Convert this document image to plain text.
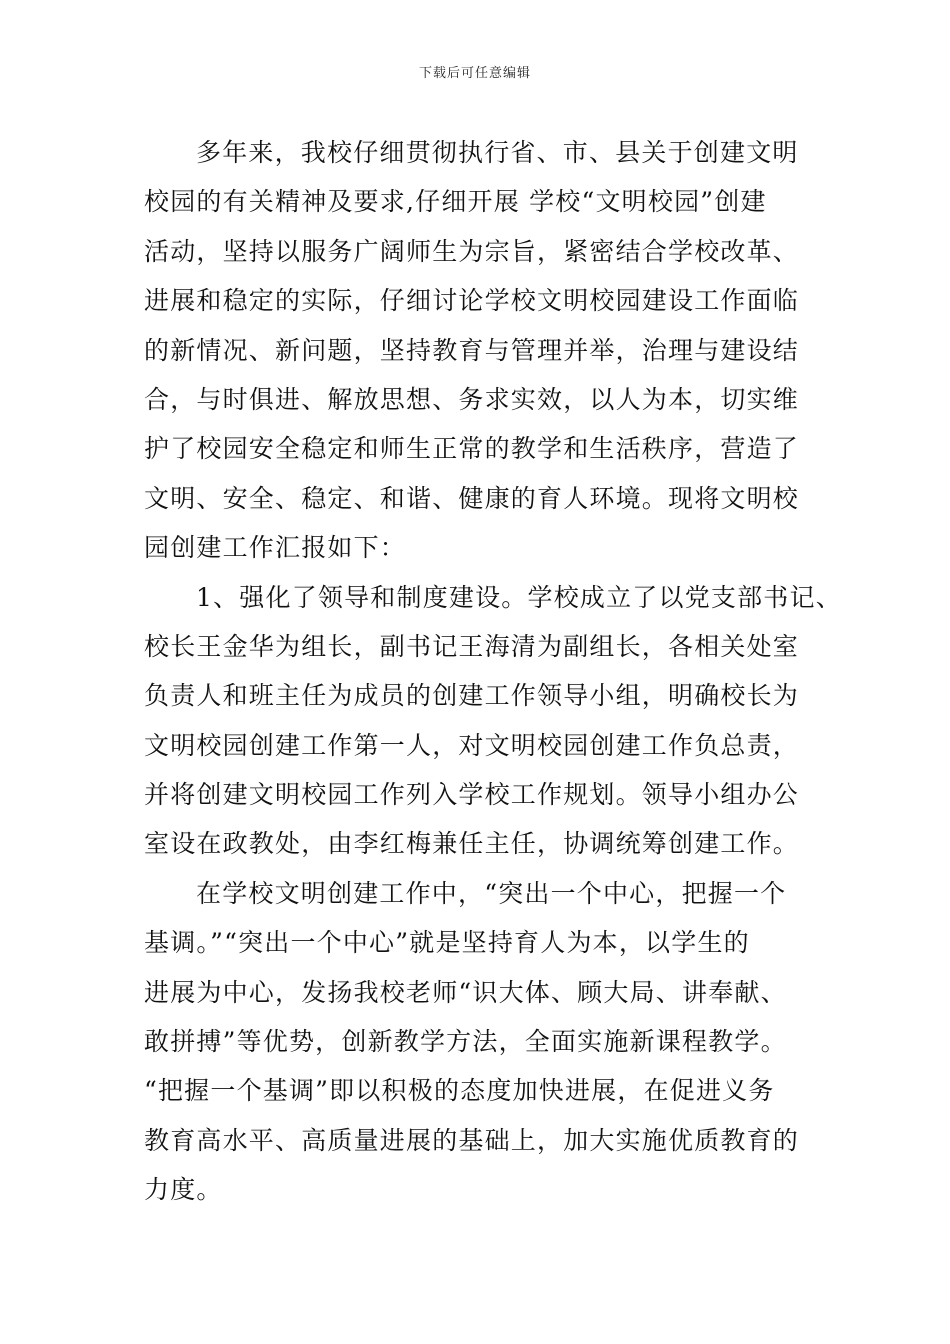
下载后可任意编辑
多年来，我校仔细贯彻执行省、市、县关于创建文明
校园的有关精神及要求,仔细开展 学校“文明校园”创建
活动，坚持以服务广阔师生为宗旨，紧密结合学校改革、
进展和稳定的实际，仔细讨论学校文明校园建设工作面临
的新情况、新问题，坚持教育与管理并举，治理与建设结
合，与时俱进、解放思想、务求实效，以人为本，切实维
护了校园安全稳定和师生正常的教学和生活秩序，营造了
文明、安全、稳定、和谐、健康的育人环境。现将文明校
园创建工作汇报如下：
1、强化了领导和制度建设。学校成立了以党支部书记、
校长王金华为组长，副书记王海清为副组长，各相关处室
负责人和班主任为成员的创建工作领导小组，明确校长为
文明校园创建工作第一人，对文明校园创建工作负总责，
并将创建文明校园工作列入学校工作规划。领导小组办公
室设在政教处，由李红梅兼任主任，协调统筹创建工作。
在学校文明创建工作中，“突出一个中心，把握一个
基调。”“突出一个中心”就是坚持育人为本，以学生的
进展为中心，发扬我校老师“识大体、顾大局、讲奉献、
敢拼搏”等优势，创新教学方法，全面实施新课程教学。
“把握一个基调”即以积极的态度加快进展，在促进义务
教育高水平、高质量进展的基础上，加大实施优质教育的
力度。
